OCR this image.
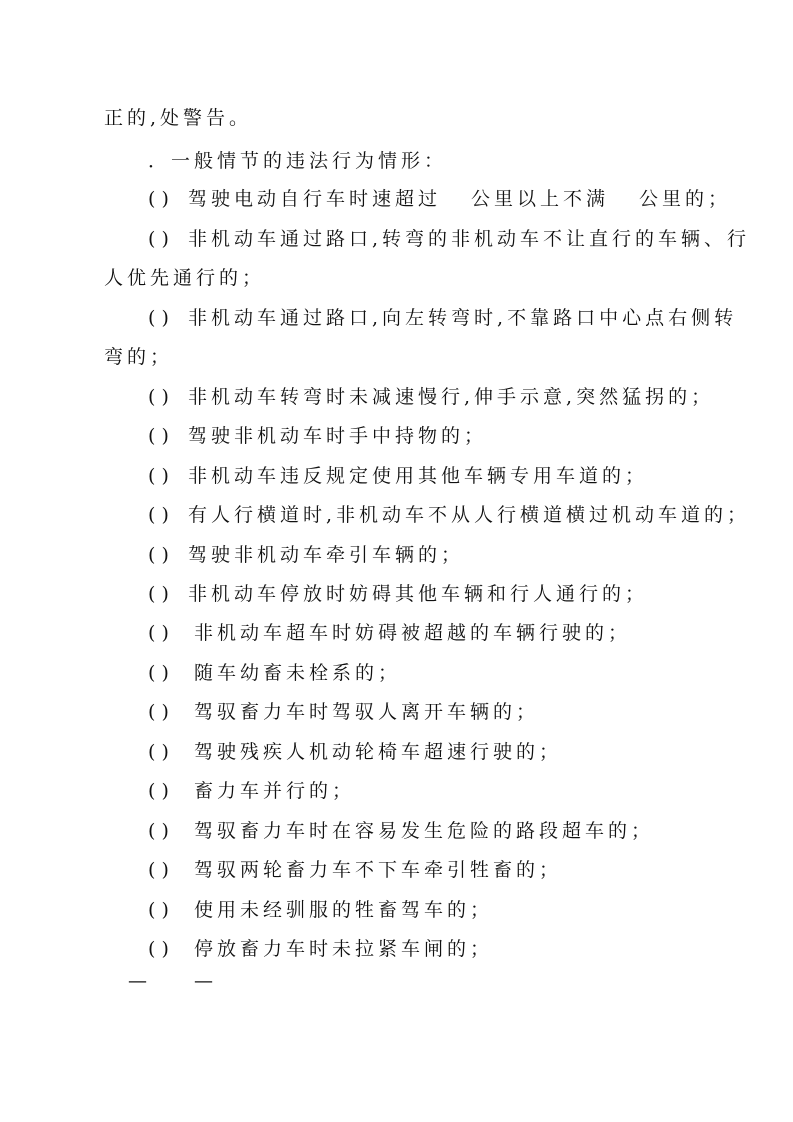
正的,处警告。
．一般情节的违法行为情形：
( ) 驾驶电动自行车时速超过 公里以上不满 公里的；
( ) 非机动车通过路口,转弯的非机动车不让直行的车辆、行
人优先通行的；
( ) 非机动车通过路口,向左转弯时,不靠路口中心点右侧转
弯的；
( ) 非机动车转弯时未减速慢行,伸手示意,突然猛拐的；
( ) 驾驶非机动车时手中持物的；
( ) 非机动车违反规定使用其他车辆专用车道的；
( ) 有人行横道时,非机动车不从人行横道横过机动车道的；
( ) 驾驶非机动车牵引车辆的；
( ) 非机动车停放时妨碍其他车辆和行人通行的；
( ) 非机动车超车时妨碍被超越的车辆行驶的；
( ) 随车幼畜未栓系的；
( ) 驾驭畜力车时驾驭人离开车辆的；
( ) 驾驶残疾人机动轮椅车超速行驶的；
( ) 畜力车并行的；
( ) 驾驭畜力车时在容易发生危险的路段超车的；
( ) 驾驭两轮畜力车不下车牵引牲畜的；
( ) 使用未经驯服的牲畜驾车的；
( ) 停放畜力车时未拉紧车闸的；
— —
